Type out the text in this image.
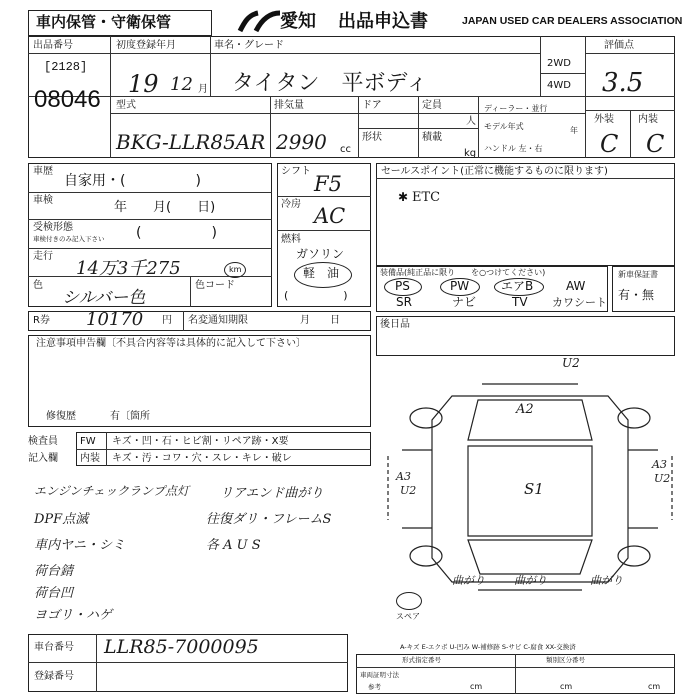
車内保管・守衛保管	愛知 出品申込書	JAPAN USED CAR DEALERS ASSOCIATION
出品番号
[2128]
08046
初度登録年月
19 12 月
車名・グレード
タイタン　平ボディ
2WD
4WD
評価点
3.5
型式
BKG-LLR85AR
排気量
2990 cc
ドア	定員
人
形状	積載
kg
ディーラー・並行
モデル年式	年
ハンドル 左・右
外装 内装
C C
車歴
自家用・(　　　　　)
車検	年　　月(　　日)
受検形態
車検付きのみ記入下さい (　　　　　)
走行
14万3千275	km
色
シルバー色
色コード
シフト
F5
冷房 AC
燃料
ガソリン
軽　油
(　　　　　)
セールスポイント(正常に機能するものに限ります)
ETC
✱
装備品(純正品に限り　　を○つけてください)
PS	PW	エアB	AW
SR	ナビ	TV カワシート
新車保証書
有・無
R券 10170 円 名変通知期限	月　　日
注意事項申告欄〔不具合内容等は具体的に記入して下さい〕
修復歴	有〔箇所
後日品
検査員
記入欄
FW キズ・凹・石・ヒビ割・リペア跡・X要
内装 キズ・汚・コワ・穴・スレ・キレ・破レ
エンジンチェックランプ点灯
DPF点滅
車内ヤニ・シミ
荷台錆
荷台凹
ヨゴリ・ハゲ
リアエンド曲がり
往復ダリ・フレームS
各 A U S
U2
A2
A3
U2	S1
A3
U2
曲がり	曲がり	曲がり
スペア
A-キズ E-エクボ U-凹み W-補修跡 S-サビ C-腐食 XX-交換済
車台番号 LLR85-7000095
登録番号
形式指定番号	類別区分番号
車両証明寸法
参考	cm	cm	cm
